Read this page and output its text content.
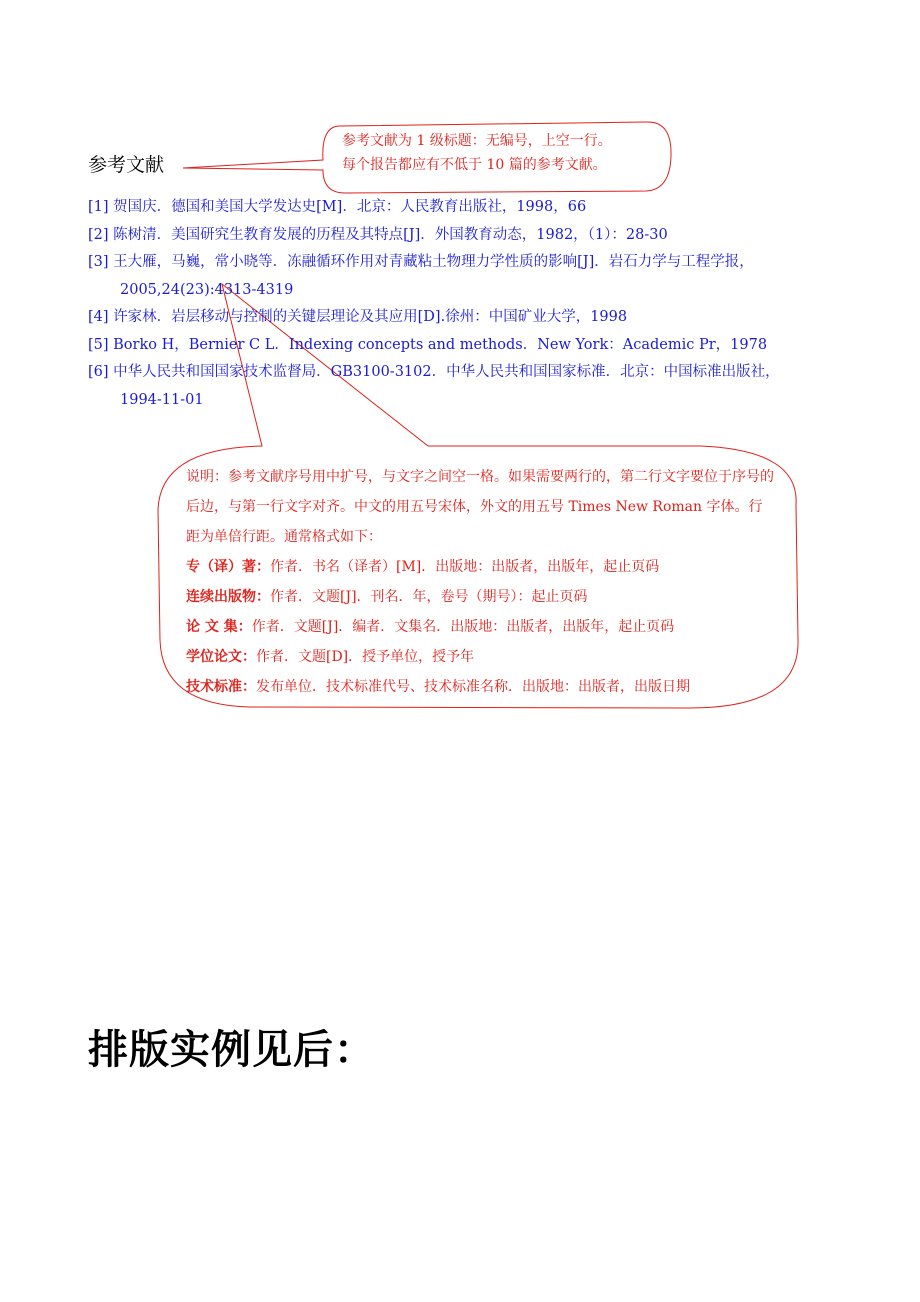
参考文献
参考文献为 1 级标题：无编号，上空一行。
每个报告都应有不低于 10 篇的参考文献。
[1] 贺国庆．德国和美国大学发达史[M]．北京：人民教育出版社，1998，66
[2] 陈树清．美国研究生教育发展的历程及其特点[J]．外国教育动态，1982，（1）：28-30
[3] 王大雁，马巍，常小晓等．冻融循环作用对青藏粘土物理力学性质的影响[J]．岩石力学与工程学报，
2005,24(23):4313-4319
[4] 许家林．岩层移动与控制的关键层理论及其应用[D].徐州：中国矿业大学，1998
[5] Borko H，Bernier C L．Indexing concepts and methods．New York：Academic Pr，1978
[6] 中华人民共和国国家技术监督局．GB3100-3102．中华人民共和国国家标准．北京：中国标准出版社，
1994-11-01

说明：参考文献序号用中扩号，与文字之间空一格。如果需要两行的，第二行文字要位于序号的后边，与第一行文字对齐。中文的用五号宋体，外文的用五号 Times New Roman 字体。行距为单倍行距。通常格式如下：

专（译）著：作者．书名（译者）[M]．出版地：出版者，出版年，起止页码
连续出版物：作者．文题[J]．刊名．年，卷号（期号）：起止页码
论 文 集：作者．文题[J]．编者．文集名．出版地：出版者，出版年，起止页码
学位论文：作者．文题[D]．授予单位，授予年
技术标准：发布单位．技术标准代号、技术标准名称．出版地：出版者，出版日期
排版实例见后：
